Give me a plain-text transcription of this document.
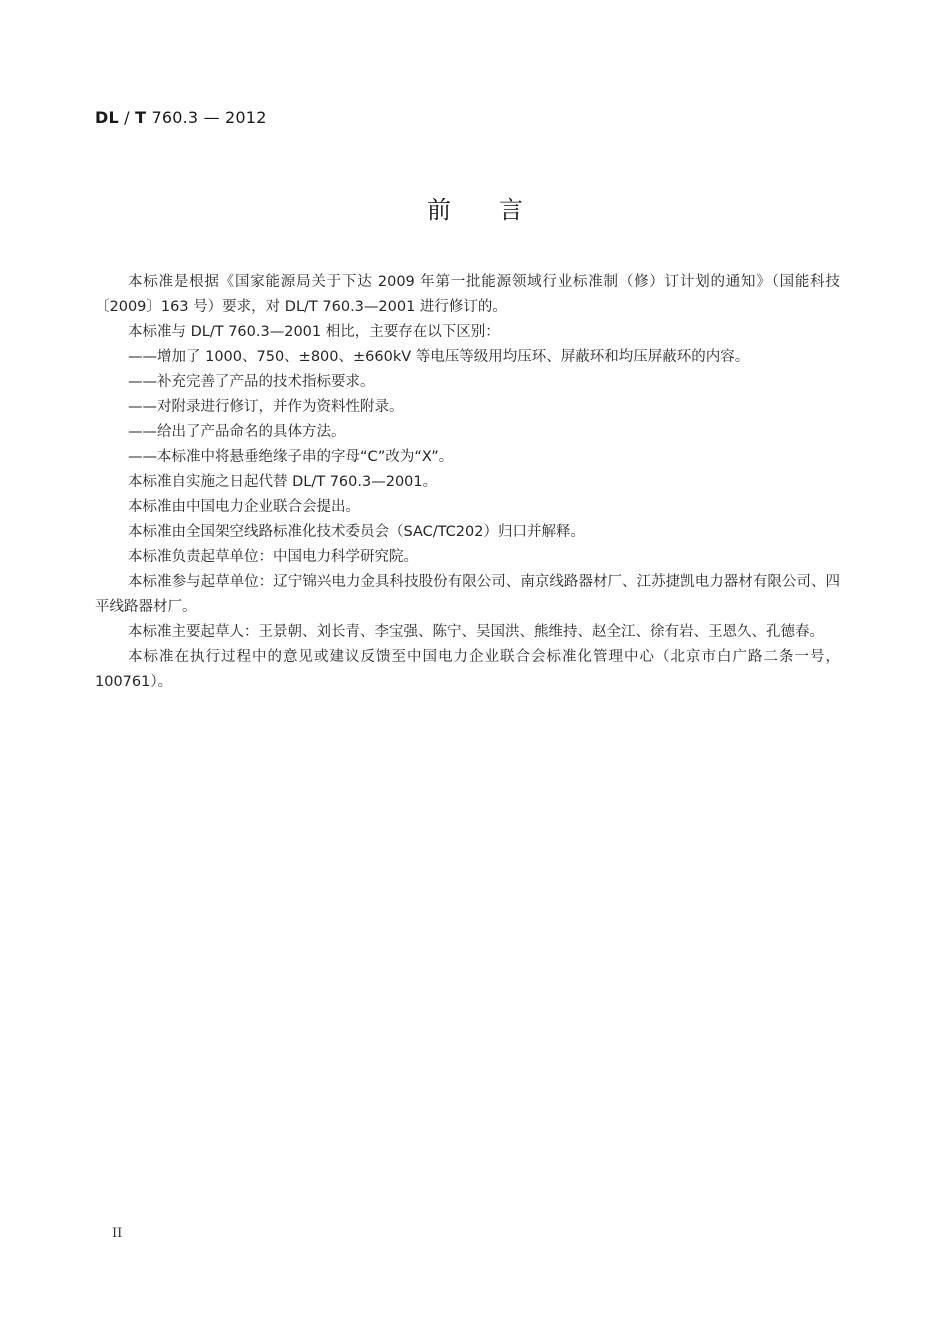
DL / T 760.3 — 2012
前 言

本标准是根据《国家能源局关于下达 2009 年第一批能源领域行业标准制（修）订计划的通知》（国能科技〔2009〕163 号）要求，对 DL/T 760.3—2001 进行修订的。

本标准与 DL/T 760.3—2001 相比，主要存在以下区别：

——增加了 1000、750、±800、±660kV 等电压等级用均压环、屏蔽环和均压屏蔽环的内容。

——补充完善了产品的技术指标要求。

——对附录进行修订，并作为资料性附录。

——给出了产品命名的具体方法。

——本标准中将悬垂绝缘子串的字母“C”改为“X”。

本标准自实施之日起代替 DL/T 760.3—2001。

本标准由中国电力企业联合会提出。

本标准由全国架空线路标准化技术委员会（SAC/TC202）归口并解释。

本标准负责起草单位：中国电力科学研究院。

本标准参与起草单位：辽宁锦兴电力金具科技股份有限公司、南京线路器材厂、江苏捷凯电力器材有限公司、四平线路器材厂。

本标准主要起草人：王景朝、刘长青、李宝强、陈宁、吴国洪、熊维持、赵全江、徐有岩、王恩久、孔德春。

本标准在执行过程中的意见或建议反馈至中国电力企业联合会标准化管理中心（北京市白广路二条一号，100761）。

II
